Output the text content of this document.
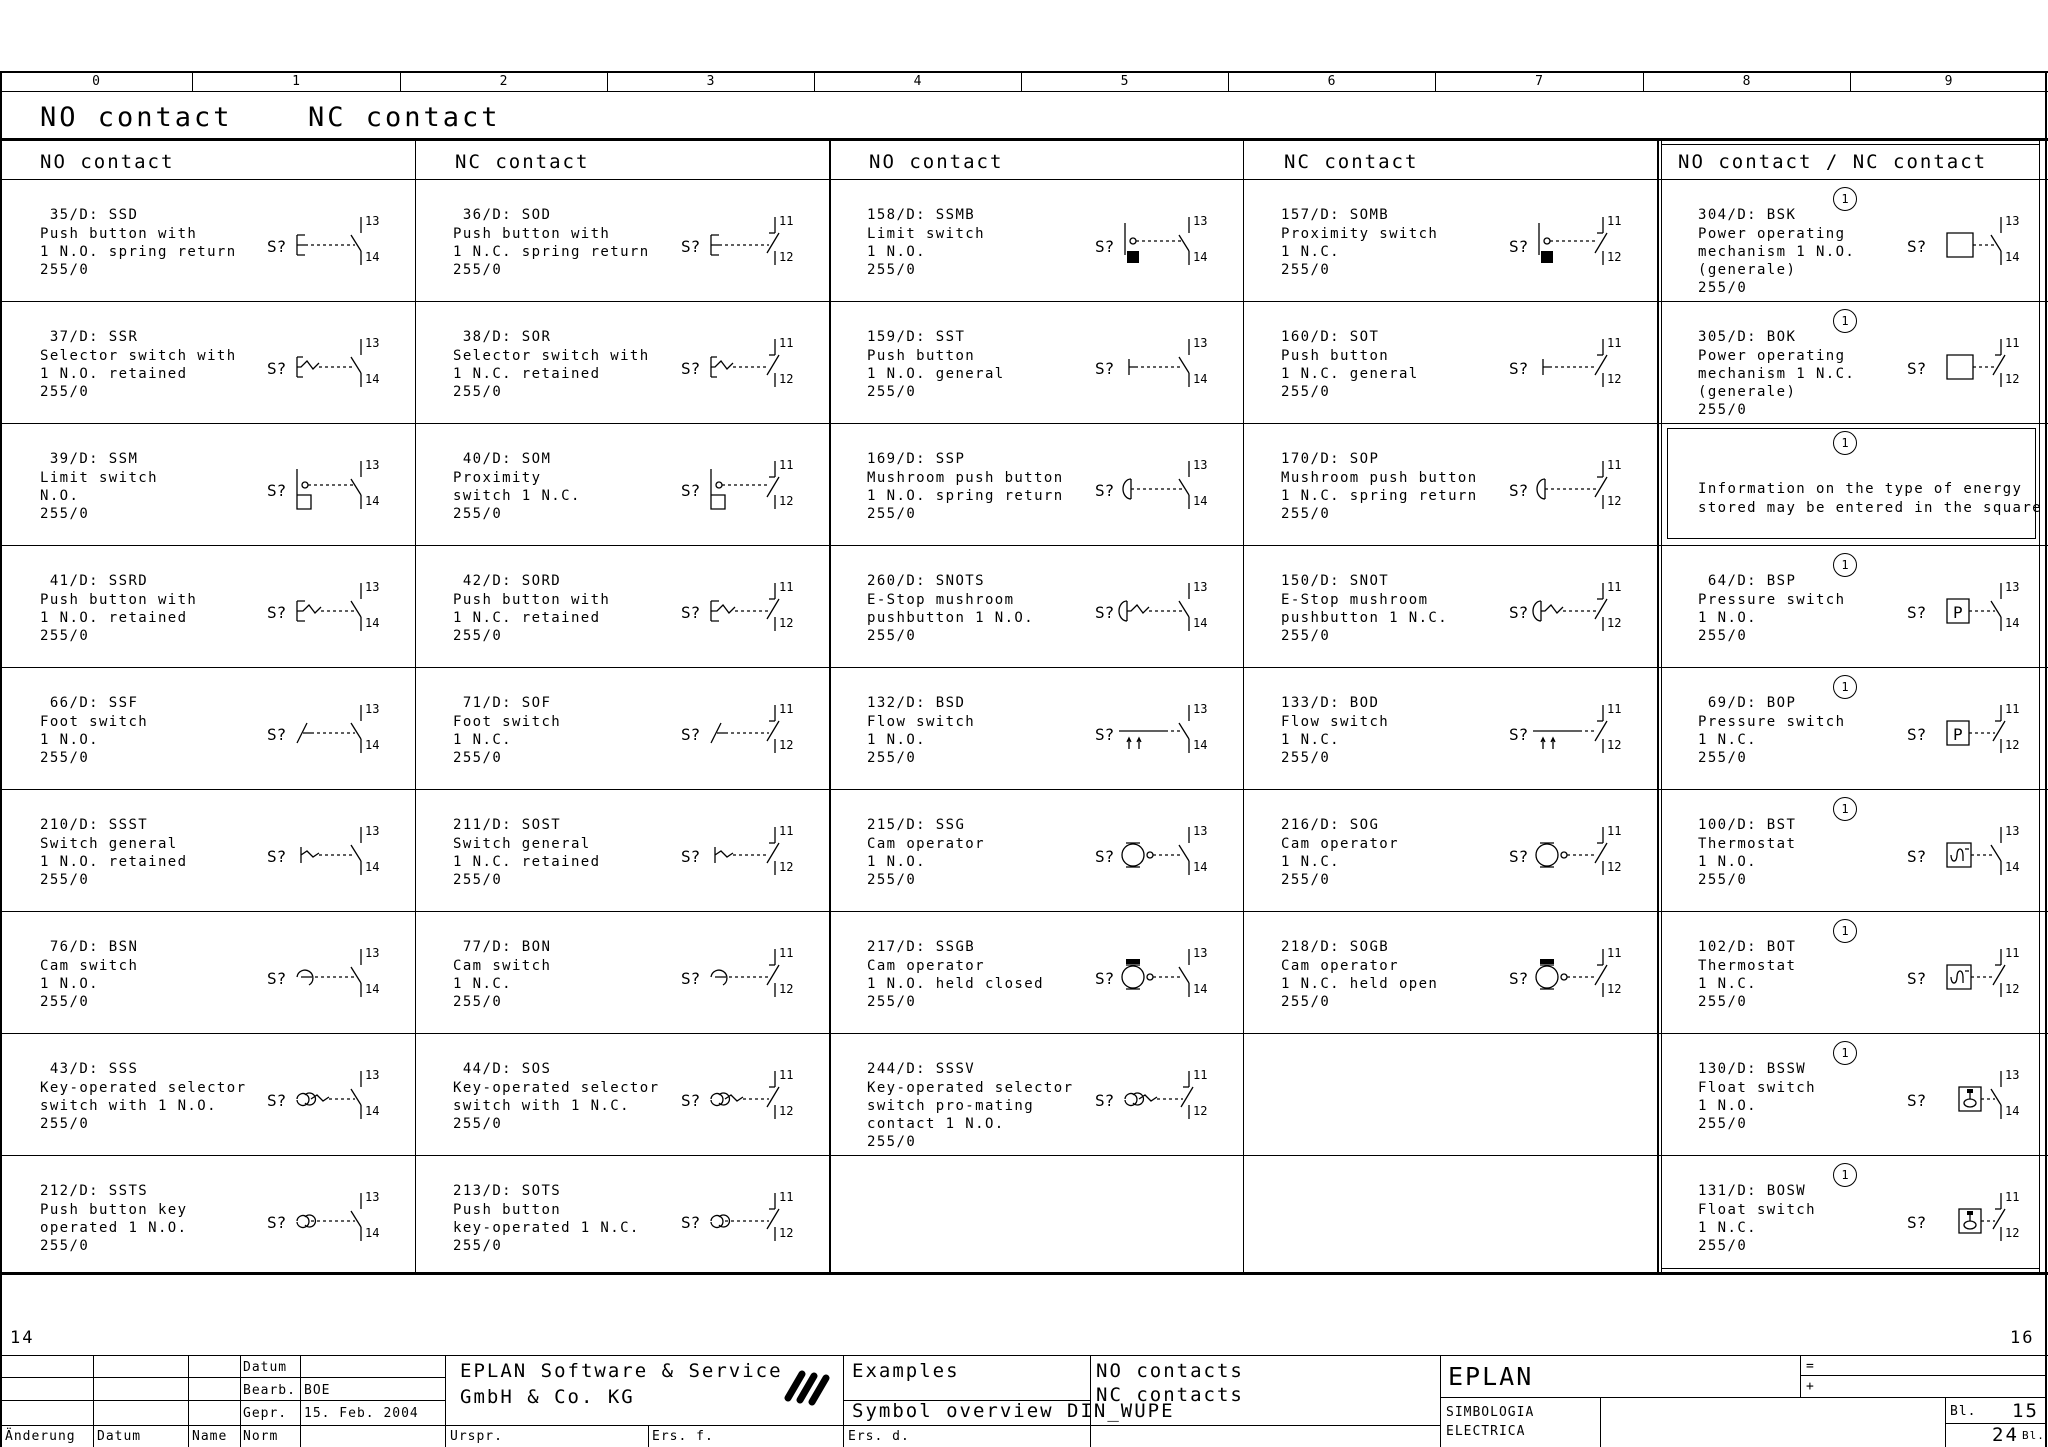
0	1	2	3	4	5	6	7	8	9
NO contact	NC contact
NO contact	NC contact	NO contact	NC contact	NO contact / NC contact
35/D: SSD
Push button with
1 N.O. spring return
255/0
S?
13
14
37/D: SSR
Selector switch with
1 N.O. retained
255/0
S?
13
14
39/D: SSM
Limit switch
N.O.
255/0
S?
13
14
41/D: SSRD
Push button with
1 N.O. retained
255/0
S?
13
14
66/D: SSF
Foot switch
1 N.O.
255/0
S?
13
14
210/D: SSST
Switch general
1 N.O. retained
255/0
S?
13
14
76/D: BSN
Cam switch
1 N.O.
255/0
S?
13
14
43/D: SSS
Key-operated selector
switch with 1 N.O.
255/0
S?
13
14
212/D: SSTS
Push button key
operated 1 N.O.
255/0
S?
13
14
36/D: SOD
Push button with
1 N.C. spring return
255/0
S?
11
12
38/D: SOR
Selector switch with
1 N.C. retained
255/0
S?
11
12
40/D: SOM
Proximity
switch 1 N.C.
255/0
S?
11
12
42/D: SORD
Push button with
1 N.C. retained
255/0
S?
11
12
71/D: SOF
Foot switch
1 N.C.
255/0
S?
11
12
211/D: SOST
Switch general
1 N.C. retained
255/0
S?
11
12
77/D: BON
Cam switch
1 N.C.
255/0
S?
11
12
44/D: SOS
Key-operated selector
switch with 1 N.C.
255/0
S?
11
12
213/D: SOTS
Push button
key-operated 1 N.C.
255/0
S?
11
12
158/D: SSMB
Limit switch
1 N.O.
255/0
S?
13
14
159/D: SST
Push button
1 N.O. general
255/0
S?
13
14
169/D: SSP
Mushroom push button
1 N.O. spring return
255/0
S?
13
14
260/D: SNOTS
E-Stop mushroom
pushbutton 1 N.O.
255/0
S?
13
14
132/D: BSD
Flow switch
1 N.O.
255/0
S?
13
14
215/D: SSG
Cam operator
1 N.O.
255/0
S?
13
14
217/D: SSGB
Cam operator
1 N.O. held closed
255/0
S?
13
14
244/D: SSSV
Key-operated selector
switch pro-mating
contact 1 N.O.
255/0
S?
11
12
157/D: SOMB
Proximity switch
1 N.C.
255/0
S?
11
12
160/D: SOT
Push button
1 N.C. general
255/0
S?
11
12
170/D: SOP
Mushroom push button
1 N.C. spring return
255/0
S?
11
12
150/D: SNOT
E-Stop mushroom
pushbutton 1 N.C.
255/0
S?
11
12
133/D: BOD
Flow switch
1 N.C.
255/0
S?
11
12
216/D: SOG
Cam operator
1 N.C.
255/0
S?
11
12
218/D: SOGB
Cam operator
1 N.C. held open
255/0
S?
11
12
304/D: BSK
Power operating
mechanism 1 N.O.
(generale)
255/0
1
S?
13
14
305/D: BOK
Power operating
mechanism 1 N.C.
(generale)
255/0
1
S?
11
12
1
Information on the type of energy
stored may be entered in the square
64/D: BSP
Pressure switch
1 N.O.
255/0
1
S?
13
14
P
69/D: BOP
Pressure switch
1 N.C.
255/0
1
S?
11
12
P
100/D: BST
Thermostat
1 N.O.
255/0
1
S?
13
14
102/D: BOT
Thermostat
1 N.C.
255/0
1
S?
11
12
130/D: BSSW
Float switch
1 N.O.
255/0
1
S?
13
14
131/D: BOSW
Float switch
1 N.C.
255/0
1
S?
11
12
14	16
Datum
Bearb. BOE
Gepr. 15. Feb. 2004
Änderung Datum	Name Norm
EPLAN Software & Service
GmbH & Co. KG
Urspr.	Ers. f.	Ers. d.
Examples
Symbol overview DIN_WUPE
NO contacts
NC contacts
EPLAN	=
+
SIMBOLOGIA
ELECTRICA
Bl. 15
24 Bl.
